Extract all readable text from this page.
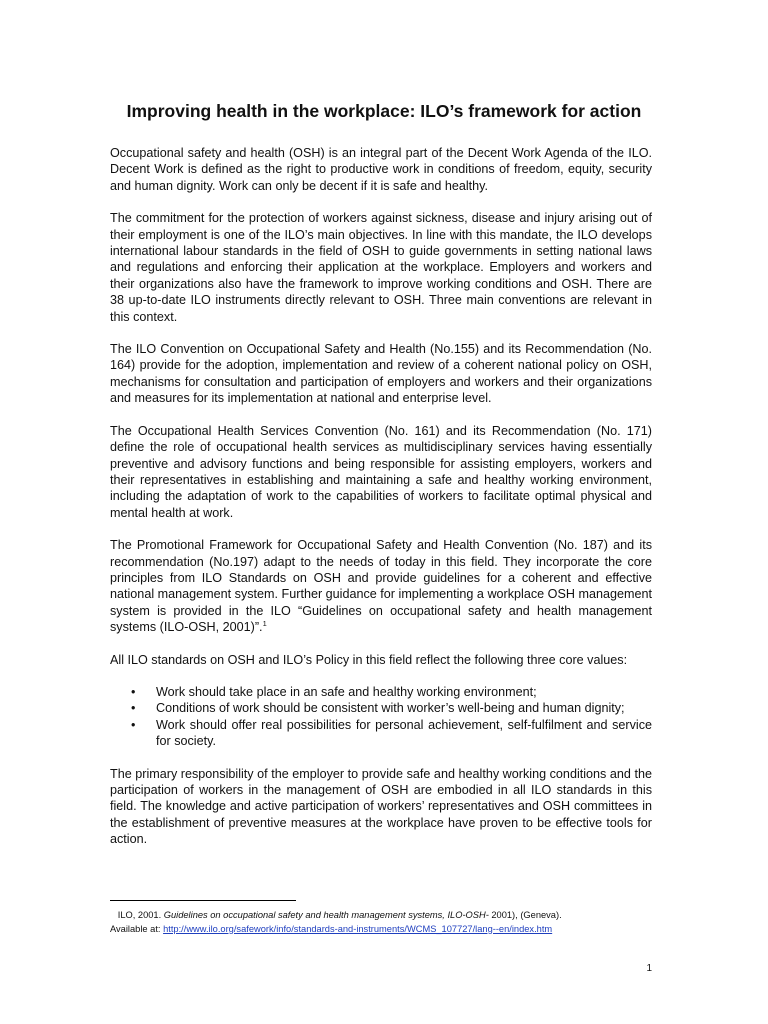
Improving health in the workplace: ILO’s framework for action

Occupational safety and health (OSH) is an integral part of the Decent Work Agenda of the ILO. Decent Work is defined as the right to productive work in conditions of freedom, equity, security and human dignity. Work can only be decent if it is safe and healthy.

The commitment for the protection of workers against sickness, disease and injury arising out of their employment is one of the ILO’s main objectives. In line with this mandate, the ILO develops international labour standards in the field of OSH to guide governments in setting national laws and regulations and enforcing their application at the workplace. Employers and workers and their organizations also have the framework to improve working conditions and OSH. There are 38 up-to-date ILO instruments directly relevant to OSH. Three main conventions are relevant in this context.

The ILO Convention on Occupational Safety and Health (No.155) and its Recommendation (No. 164) provide for the adoption, implementation and review of a coherent national policy on OSH, mechanisms for consultation and participation of employers and workers and their organizations and measures for its implementation at national and enterprise level.

The Occupational Health Services Convention (No. 161) and its Recommendation (No. 171) define the role of occupational health services as multidisciplinary services having essentially preventive and advisory functions and being responsible for assisting employers, workers and their representatives in establishing and maintaining a safe and healthy working environment, including the adaptation of work to the capabilities of workers to facilitate optimal physical and mental health at work.

The Promotional Framework for Occupational Safety and Health Convention (No. 187) and its recommendation (No.197) adapt to the needs of today in this field. They incorporate the core principles from ILO Standards on OSH and provide guidelines for a coherent and effective national management system. Further guidance for implementing a workplace OSH management system is provided in the ILO “Guidelines on occupational safety and health management systems (ILO-OSH, 2001)”.$^1$

All ILO standards on OSH and ILO’s Policy in this field reflect the following three core values:

• Work should take place in an safe and healthy working environment;
• Conditions of work should be consistent with worker’s well-being and human dignity;
• Work should offer real possibilities for personal achievement, self-fulfilment and service for society.

The primary responsibility of the employer to provide safe and healthy working conditions and the participation of workers in the management of OSH are embodied in all ILO standards in this field. The knowledge and active participation of workers’ representatives and OSH committees in the establishment of preventive measures at the workplace have proven to be effective tools for action.

ILO, 2001. Guidelines on occupational safety and health management systems, ILO-OSH- 2001), (Geneva).
Available at: http://www.ilo.org/safework/info/standards-and-instruments/WCMS_107727/lang--en/index.htm
1
